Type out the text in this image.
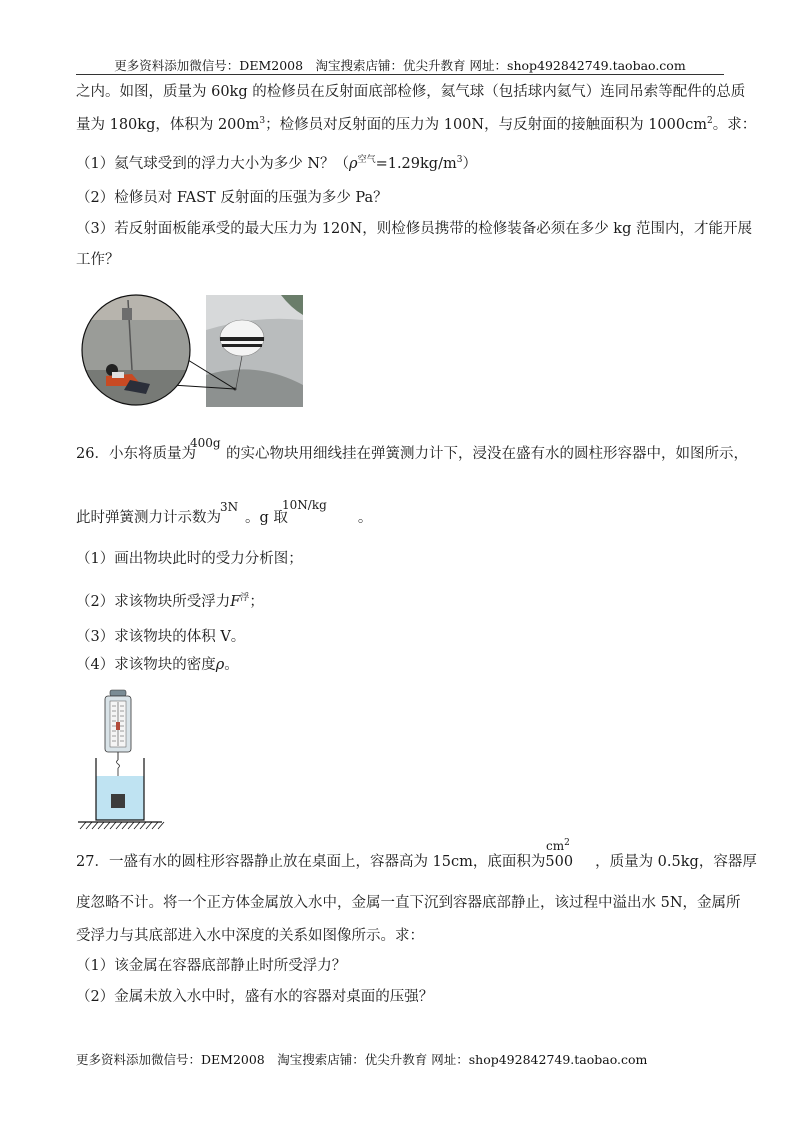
更多资料添加微信号：DEM2008　淘宝搜索店铺：优尖升教育 网址：shop492842749.taobao.com
之内。如图，质量为 60kg 的检修员在反射面底部检修，氦气球（包括球内氦气）连同吊索等配件的总质
量为 180kg，体积为 $200m^3$；检修员对反射面的压力为 100N，与反射面的接触面积为 $1000cm^2$。求：
（1）氦气球受到的浮力大小为多少 N？$(\rho^{空气}=1.29kg/m^3)$
（2）检修员对 FAST 反射面的压强为多少 Pa？
（3）若反射面板能承受的最大压力为 120N，则检修员携带的检修装备必须在多少 kg 范围内，才能开展
工作？
26．小东将质量为 的实心物块用细线挂在弹簧测力计下，浸没在盛有水的圆柱形容器中，如图所示，
400g
此时弹簧测力计示数为 。g 取	。
3N	10N/kg
（1）画出物块此时的受力分析图；
（2）求该物块所受浮力$F^浮$；
（3）求该物块的体积 V。
（4）求该物块的密度ρ。
27．一盛有水的圆柱形容器静止放在桌面上，容器高为 15cm，底面积为500 ，质量为 0.5kg，容器厚
$cm^2$
度忽略不计。将一个正方体金属放入水中，金属一直下沉到容器底部静止，该过程中溢出水 5N，金属所
受浮力与其底部进入水中深度的关系如图像所示。求：
（1）该金属在容器底部静止时所受浮力？
（2）金属未放入水中时，盛有水的容器对桌面的压强？
更多资料添加微信号：DEM2008　淘宝搜索店铺：优尖升教育 网址：shop492842749.taobao.com
